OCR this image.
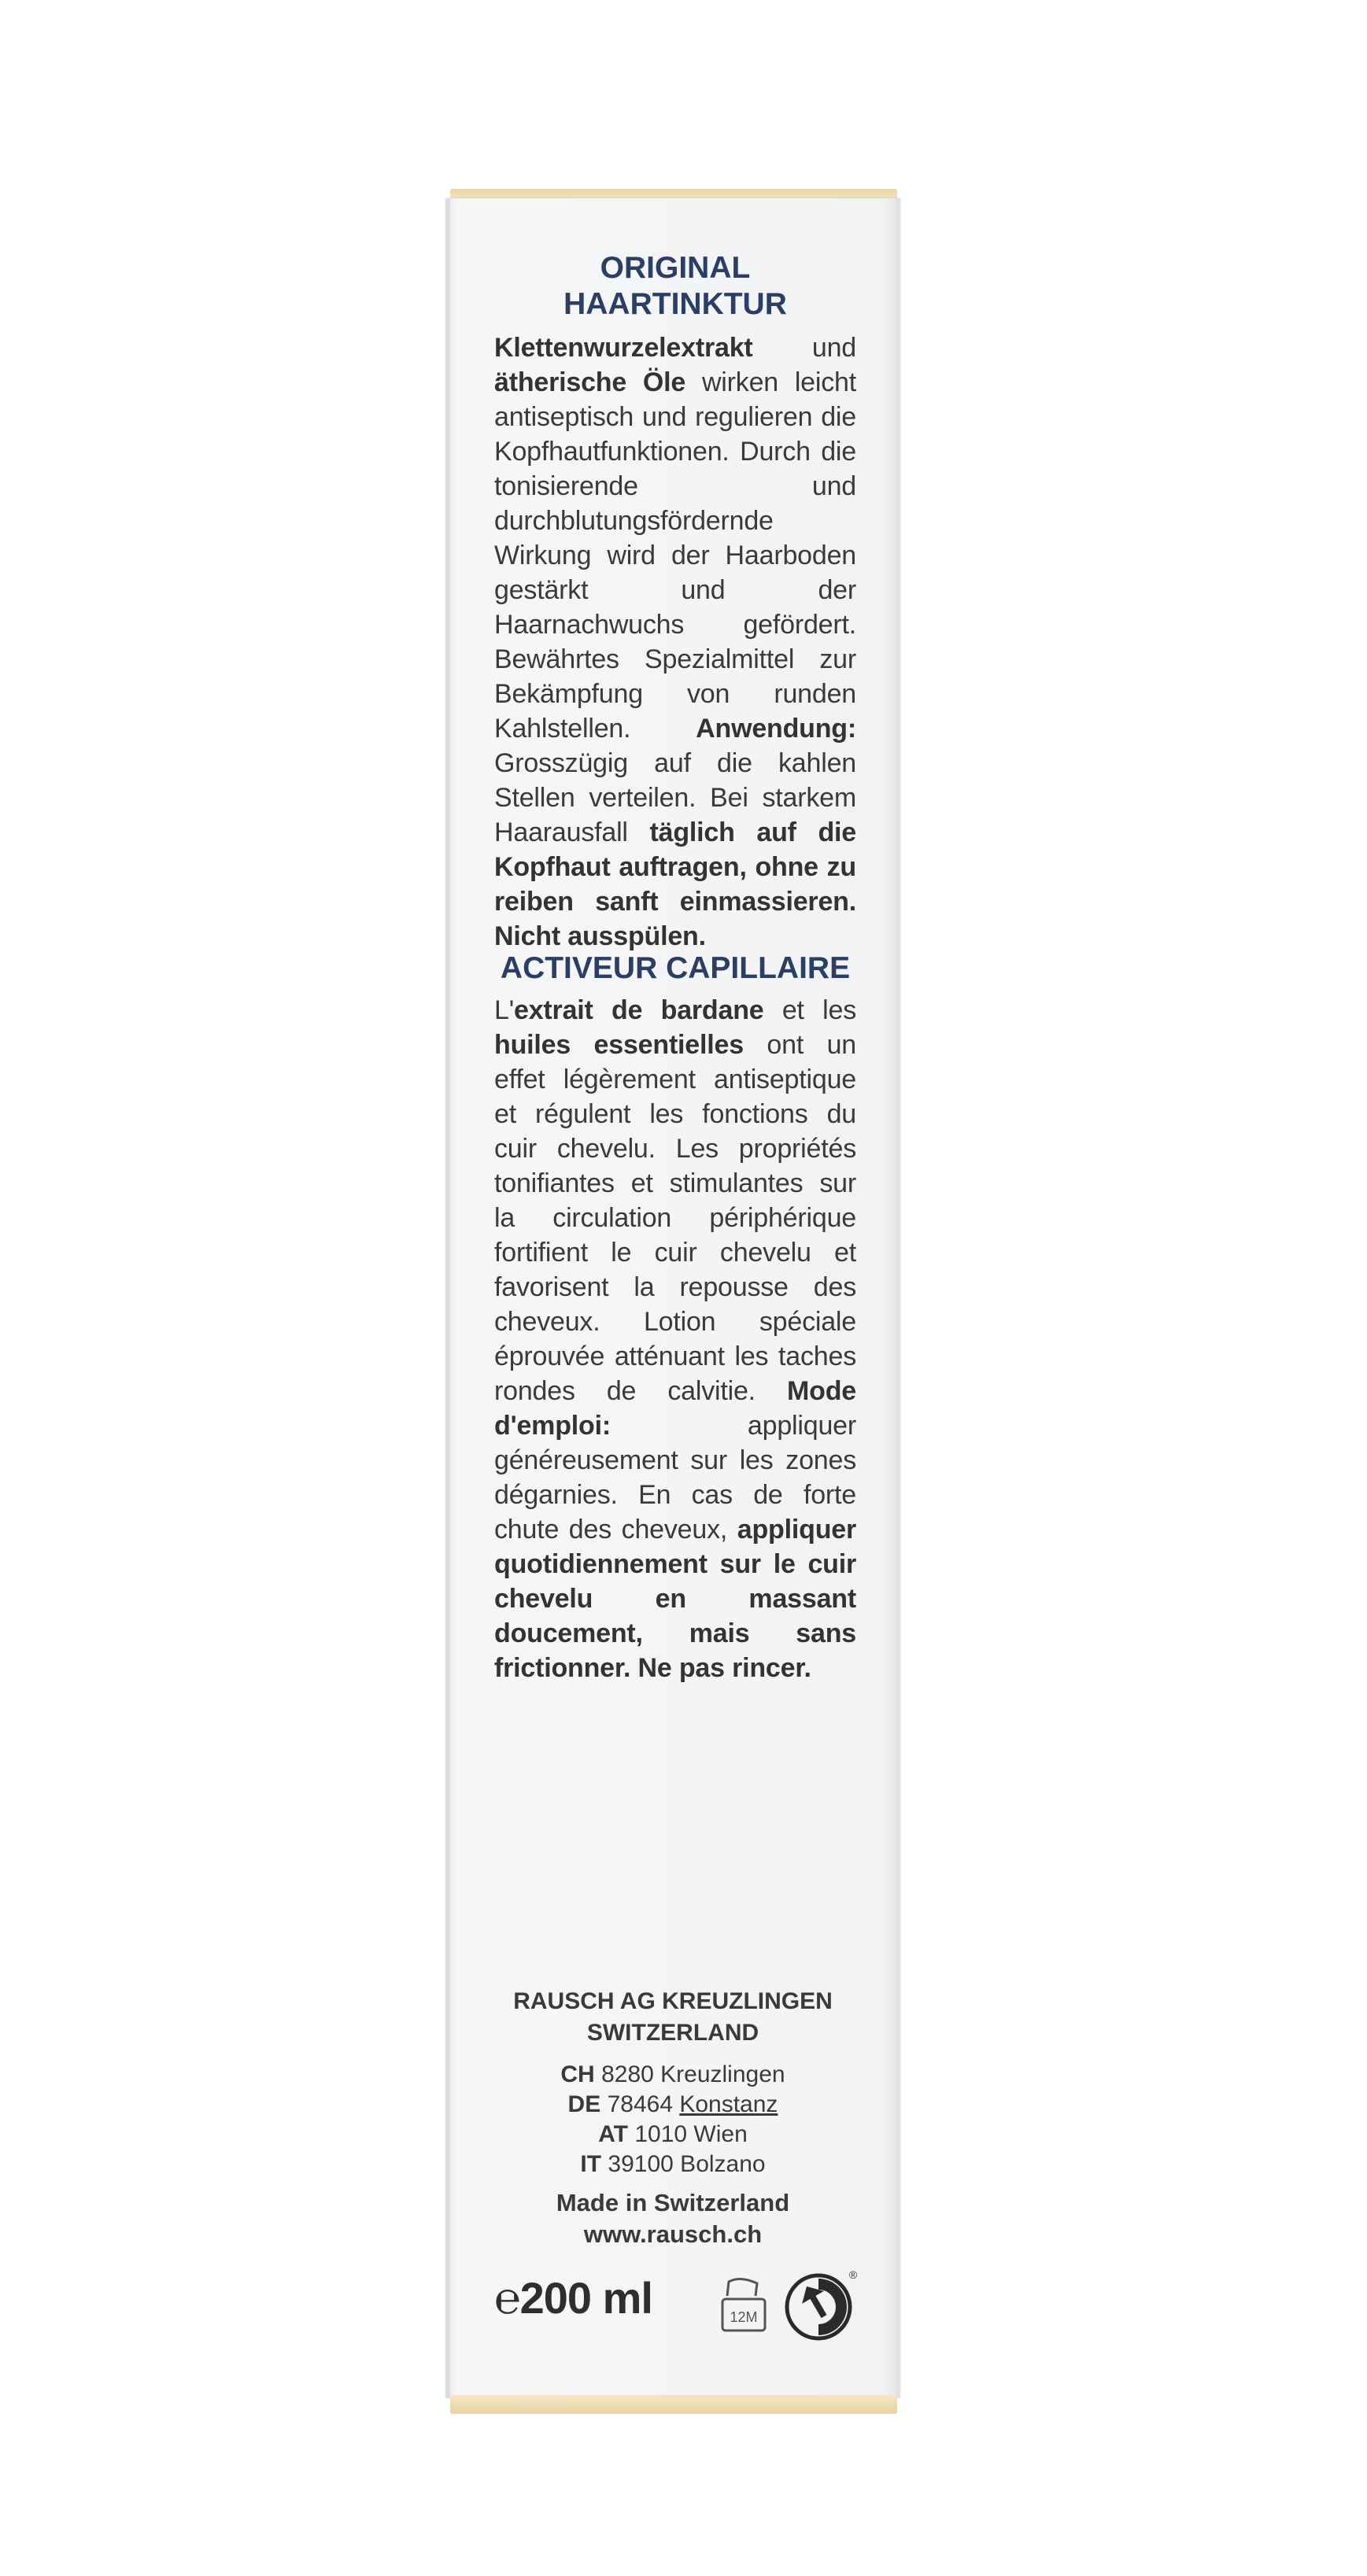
ORIGINAL
HAARTINKTUR

Klettenwurzelextrakt und ätherische Öle wirken leicht antiseptisch und regulieren die Kopfhautfunktionen. Durch die tonisierende und durchblutungsfördernde Wirkung wird der Haarboden gestärkt und der Haarnachwuchs gefördert. Bewährtes Spezialmittel zur Bekämpfung von runden Kahlstellen. Anwendung: Grosszügig auf die kahlen Stellen verteilen. Bei starkem Haarausfall täglich auf die Kopfhaut auftragen, ohne zu reiben sanft einmassieren. Nicht ausspülen.

ACTIVEUR CAPILLAIRE

L'extrait de bardane et les huiles essentielles ont un effet légèrement antiseptique et régulent les fonctions du cuir chevelu. Les propriétés tonifiantes et stimulantes sur la circulation périphérique fortifient le cuir chevelu et favorisent la repousse des cheveux. Lotion spéciale éprouvée atténuant les taches rondes de calvitie. Mode d'emploi: appliquer généreusement sur les zones dégarnies. En cas de forte chute des cheveux, appliquer quotidiennement sur le cuir chevelu en massant doucement, mais sans frictionner. Ne pas rincer.

RAUSCH AG KREUZLINGEN
SWITZERLAND
CH 8280 Kreuzlingen
DE 78464 Konstanz
AT 1010 Wien
IT 39100 Bolzano
Made in Switzerland
www.rausch.ch
℮200 ml	12M
®
